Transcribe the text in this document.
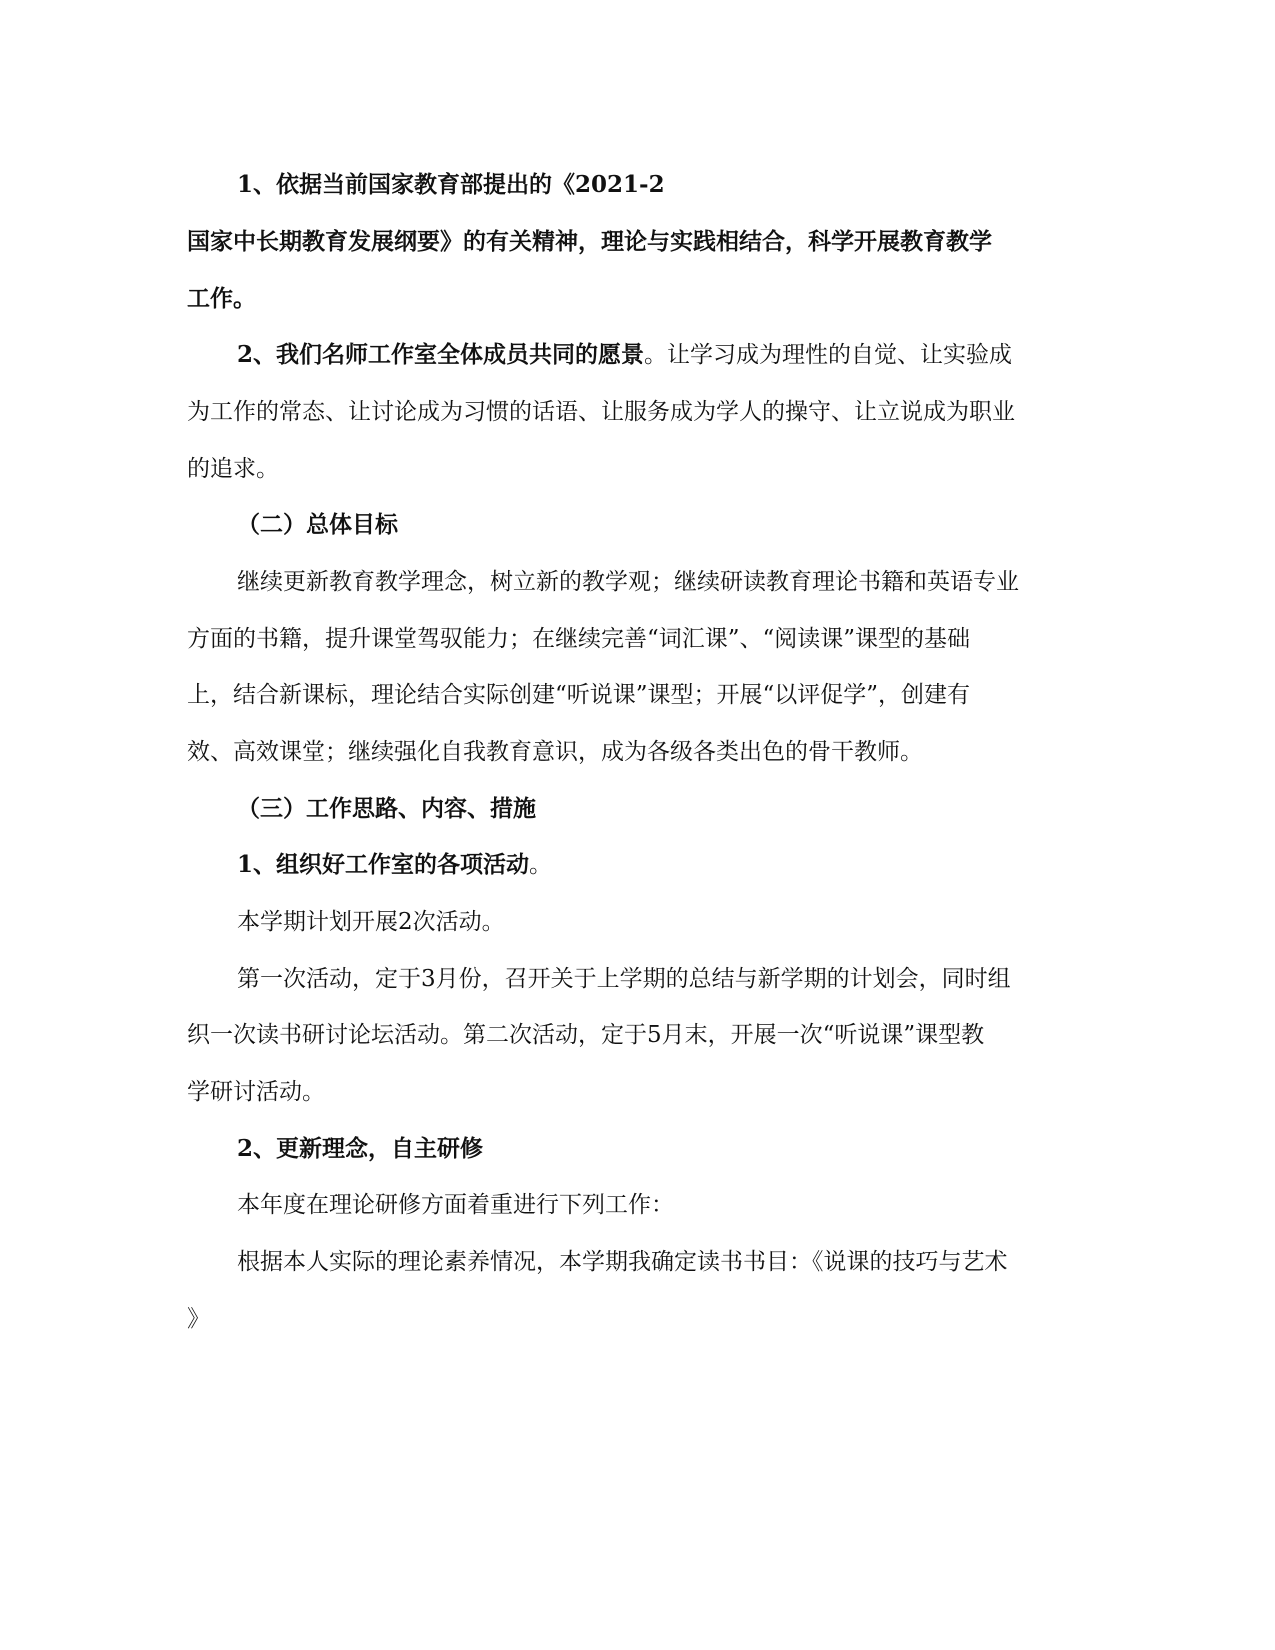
1、依据当前国家教育部提出的《2021-2
国家中长期教育发展纲要》的有关精神，理论与实践相结合，科学开展教育教学
工作。
2、我们名师工作室全体成员共同的愿景。让学习成为理性的自觉、让实验成
为工作的常态、让讨论成为习惯的话语、让服务成为学人的操守、让立说成为职业
的追求。
（二）总体目标
继续更新教育教学理念，树立新的教学观；继续研读教育理论书籍和英语专业
方面的书籍，提升课堂驾驭能力；在继续完善“词汇课”、“阅读课”课型的基础
上，结合新课标，理论结合实际创建“听说课”课型；开展“以评促学”，创建有
效、高效课堂；继续强化自我教育意识，成为各级各类出色的骨干教师。
（三）工作思路、内容、措施
1、组织好工作室的各项活动。
本学期计划开展2次活动。
第一次活动，定于3月份，召开关于上学期的总结与新学期的计划会，同时组
织一次读书研讨论坛活动。第二次活动，定于5月末，开展一次“听说课”课型教
学研讨活动。
2、更新理念，自主研修
本年度在理论研修方面着重进行下列工作：
根据本人实际的理论素养情况，本学期我确定读书书目：《说课的技巧与艺术
》
